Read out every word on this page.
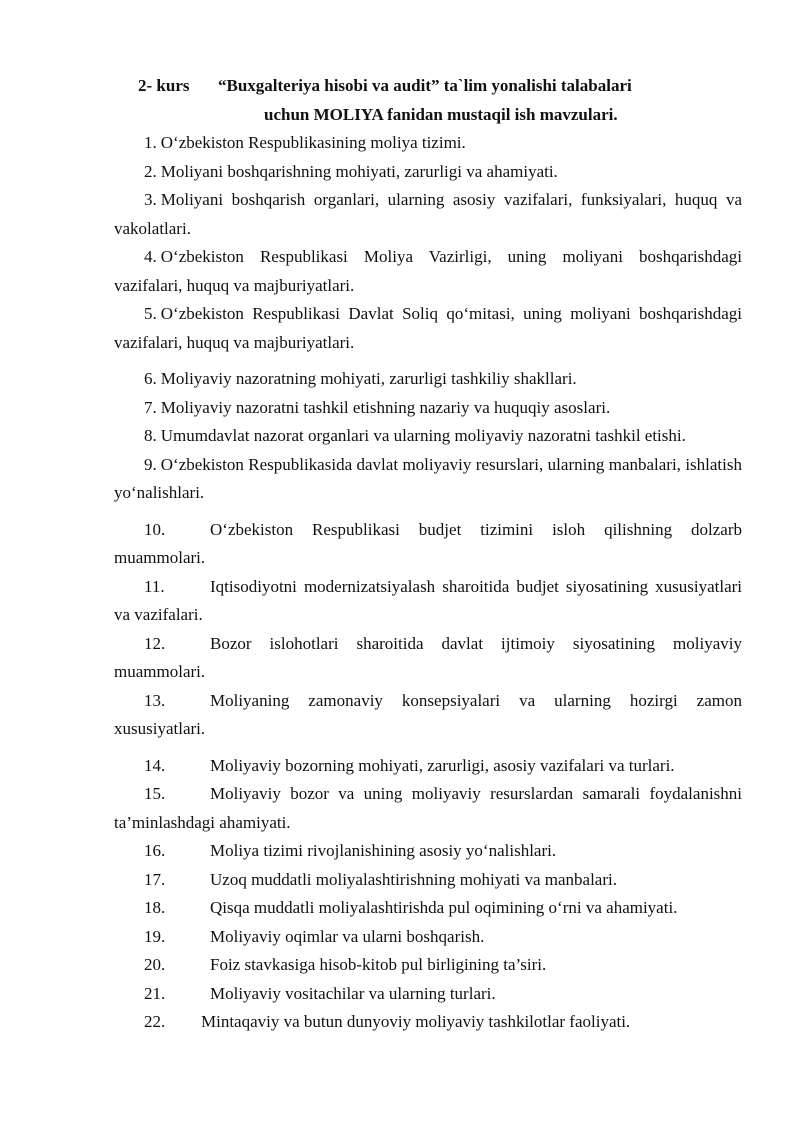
2- kurs “Buxgalteriya hisobi va audit” ta`lim yonalishi talabalari
uchun MOLIYA fanidan mustaqil ish mavzulari.

1. O‘zbekiston Respublikasining moliya tizimi.

2. Moliyani boshqarishning mohiyati, zarurligi va ahamiyati.

3. Moliyani boshqarish organlari, ularning asosiy vazifalari, funksiyalari, huquq va vakolatlari.

4. O‘zbekiston Respublikasi Moliya Vazirligi, uning moliyani boshqarishdagi vazifalari, huquq va majburiyatlari.

5. O‘zbekiston Respublikasi Davlat Soliq qo‘mitasi, uning moliyani boshqarishdagi vazifalari, huquq va majburiyatlari.

6. Moliyaviy nazoratning mohiyati, zarurligi tashkiliy shakllari.

7. Moliyaviy nazoratni tashkil etishning nazariy va huquqiy asoslari.

8. Umumdavlat nazorat organlari va ularning moliyaviy nazoratni tashkil etishi.

9. O‘zbekiston Respublikasida davlat moliyaviy resurslari, ularning manbalari, ishlatish yo‘nalishlari.

10.	O‘zbekiston Respublikasi budjet tizimini isloh qilishning dolzarb muammolari.

11.	Iqtisodiyotni modernizatsiyalash sharoitida budjet siyosatining xususiyatlari va vazifalari.

12.	Bozor islohotlari sharoitida davlat ijtimoiy siyosatining moliyaviy muammolari.

13.	Moliyaning zamonaviy konsepsiyalari va ularning hozirgi zamon xususiyatlari.

14.	Moliyaviy bozorning mohiyati, zarurligi, asosiy vazifalari va turlari.

15.	Moliyaviy bozor va uning moliyaviy resurslardan samarali foydalanishni ta’minlashdagi ahamiyati.

16.	Moliya tizimi rivojlanishining asosiy yo‘nalishlari.

17.	Uzoq muddatli moliyalashtirishning mohiyati va manbalari.

18.	Qisqa muddatli moliyalashtirishda pul oqimining o‘rni va ahamiyati.

19.	Moliyaviy oqimlar va ularni boshqarish.

20.	Foiz stavkasiga hisob-kitob pul birligining ta’siri.

21.	Moliyaviy vositachilar va ularning turlari.

22. Mintaqaviy va butun dunyoviy moliyaviy tashkilotlar faoliyati.
